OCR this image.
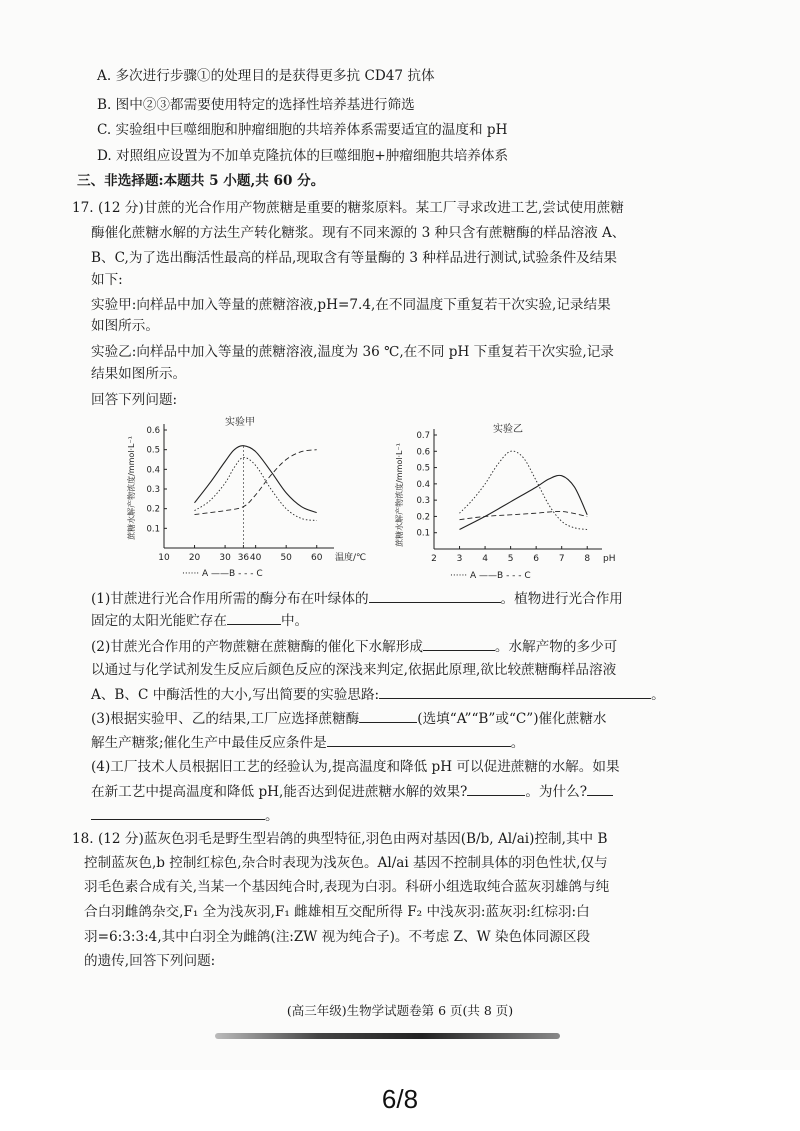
A. 多次进行步骤①的处理目的是获得更多抗 CD47 抗体
B. 图中②③都需要使用特定的选择性培养基进行筛选
C. 实验组中巨噬细胞和肿瘤细胞的共培养体系需要适宜的温度和 pH
D. 对照组应设置为不加单克隆抗体的巨噬细胞+肿瘤细胞共培养体系
三、非选择题:本题共 5 小题,共 60 分。
17. (12 分)甘蔗的光合作用产物蔗糖是重要的糖浆原料。某工厂寻求改进工艺,尝试使用蔗糖
酶催化蔗糖水解的方法生产转化糖浆。现有不同来源的 3 种只含有蔗糖酶的样品溶液 A、
B、C,为了选出酶活性最高的样品,现取含有等量酶的 3 种样品进行测试,试验条件及结果
如下:
实验甲:向样品中加入等量的蔗糖溶液,pH=7.4,在不同温度下重复若干次实验,记录结果
如图所示。
实验乙:向样品中加入等量的蔗糖溶液,温度为 36 ℃,在不同 pH 下重复若干次实验,记录
结果如图所示。
回答下列问题:
实验甲
蔗糖水解产物浓度/mmol·L⁻¹
10 20 30 36 40 50 60
0.1
0.2
0.3
0.4
0.5
0.6
温度/℃
······ A ——B - - - C
实验乙
蔗糖水解产物浓度/mmol·L⁻¹
2 3 4 5 6 7 8
0.1
0.2
0.3
0.4
0.5
0.6
0.7
pH
······ A ——B - - - C
(1)甘蔗进行光合作用所需的酶分布在叶绿体的	。植物进行光合作用
固定的太阳光能贮存在	中。
(2)甘蔗光合作用的产物蔗糖在蔗糖酶的催化下水解形成	。水解产物的多少可
以通过与化学试剂发生反应后颜色反应的深浅来判定,依据此原理,欲比较蔗糖酶样品溶液
A、B、C 中酶活性的大小,写出简要的实验思路:	。
(3)根据实验甲、乙的结果,工厂应选择蔗糖酶	(选填“A”“B”或“C”)催化蔗糖水
解生产糖浆;催化生产中最佳反应条件是	。
(4)工厂技术人员根据旧工艺的经验认为,提高温度和降低 pH 可以促进蔗糖的水解。如果
在新工艺中提高温度和降低 pH,能否达到促进蔗糖水解的效果?	。为什么?
。
18. (12 分)蓝灰色羽毛是野生型岩鸽的典型特征,羽色由两对基因(B/b, Al/ai)控制,其中 B
控制蓝灰色,b 控制红棕色,杂合时表现为浅灰色。Al/ai 基因不控制具体的羽色性状,仅与
羽毛色素合成有关,当某一个基因纯合时,表现为白羽。科研小组选取纯合蓝灰羽雄鸽与纯
合白羽雌鸽杂交,F₁ 全为浅灰羽,F₁ 雌雄相互交配所得 F₂ 中浅灰羽:蓝灰羽:红棕羽:白
羽=6:3:3:4,其中白羽全为雌鸽(注:ZW 视为纯合子)。不考虑 Z、W 染色体同源区段
的遗传,回答下列问题:
(高三年级)生物学试题卷第 6 页(共 8 页)
6/8
